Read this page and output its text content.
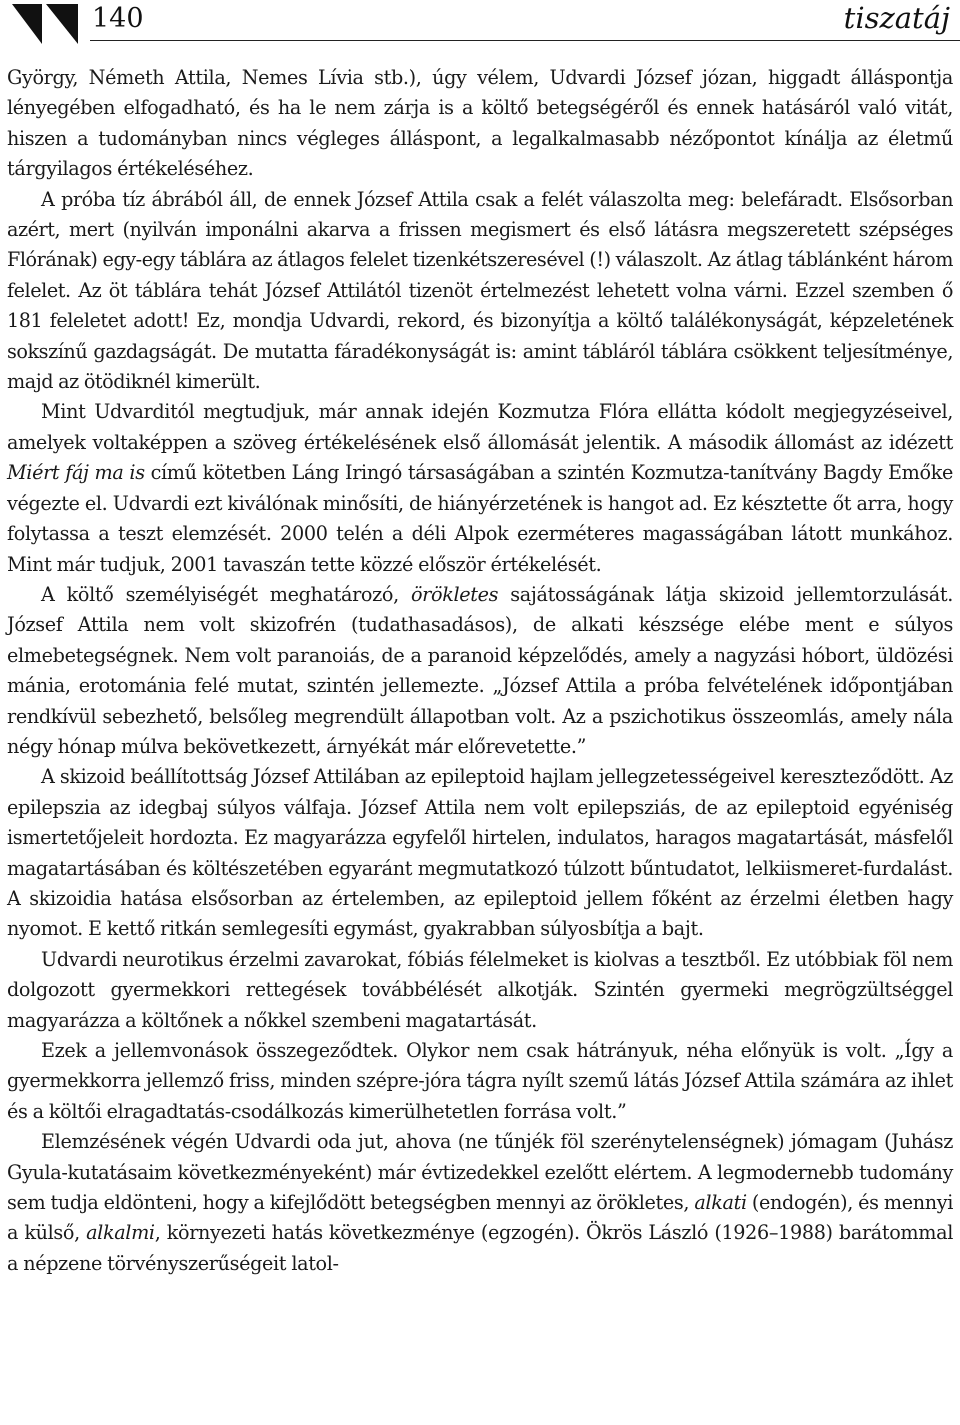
140	tiszatáj

György, Németh Attila, Nemes Lívia stb.), úgy vélem, Udvardi József józan, higgadt álláspontja lényegében elfogadható, és ha le nem zárja is a költő betegségéről és ennek hatásáról való vitát, hiszen a tudományban nincs végleges álláspont, a legalkalmasabb nézőpontot kínálja az életmű tárgyilagos értékeléséhez.

A próba tíz ábrából áll, de ennek József Attila csak a felét válaszolta meg: belefáradt. Elsősorban azért, mert (nyilván imponálni akarva a frissen megismert és első látásra megszeretett szépséges Flórának) egy-egy táblára az átlagos felelet tizenkétszeresével (!) válaszolt. Az átlag táblánként három felelet. Az öt táblára tehát József Attilától tizenöt értelmezést lehetett volna várni. Ezzel szemben ő 181 feleletet adott! Ez, mondja Udvardi, rekord, és bizonyítja a költő találékonyságát, képzeletének sokszínű gazdagságát. De mutatta fáradékonyságát is: amint tábláról táblára csökkent teljesítménye, majd az ötödiknél kimerült.

Mint Udvarditól megtudjuk, már annak idején Kozmutza Flóra ellátta kódolt megjegyzéseivel, amelyek voltaképpen a szöveg értékelésének első állomását jelentik. A második állomást az idézett Miért fáj ma is című kötetben Láng Iringó társaságában a szintén Kozmutza-tanítvány Bagdy Emőke végezte el. Udvardi ezt kiválónak minősíti, de hiányérzetének is hangot ad. Ez késztette őt arra, hogy folytassa a teszt elemzését. 2000 telén a déli Alpok ezerméteres magasságában látott munkához. Mint már tudjuk, 2001 tavaszán tette közzé először értékelését.

A költő személyiségét meghatározó, örökletes sajátosságának látja skizoid jellemtorzulását. József Attila nem volt skizofrén (tudathasadásos), de alkati készsége elébe ment e súlyos elmebetegségnek. Nem volt paranoiás, de a paranoid képzelődés, amely a nagyzási hóbort, üldözési mánia, erotománia felé mutat, szintén jellemezte. „József Attila a próba felvételének időpontjában rendkívül sebezhető, belsőleg megrendült állapotban volt. Az a pszichotikus összeomlás, amely nála négy hónap múlva bekövetkezett, árnyékát már előrevetette.”

A skizoid beállítottság József Attilában az epileptoid hajlam jellegzetességeivel kereszteződött. Az epilepszia az idegbaj súlyos válfaja. József Attila nem volt epilepsziás, de az epileptoid egyéniség ismertetőjeleit hordozta. Ez magyarázza egyfelől hirtelen, indulatos, haragos magatartását, másfelől magatartásában és költészetében egyaránt megmutatkozó túlzott bűntudatot, lelkiismeret-furdalást. A skizoidia hatása elsősorban az értelemben, az epileptoid jellem főként az érzelmi életben hagy nyomot. E kettő ritkán semlegesíti egymást, gyakrabban súlyosbítja a bajt.

Udvardi neurotikus érzelmi zavarokat, fóbiás félelmeket is kiolvas a tesztből. Ez utóbbiak föl nem dolgozott gyermekkori rettegések továbbélését alkotják. Szintén gyermeki megrögzültséggel magyarázza a költőnek a nőkkel szembeni magatartását.

Ezek a jellemvonások összegeződtek. Olykor nem csak hátrányuk, néha előnyük is volt. „Így a gyermekkorra jellemző friss, minden szépre-jóra tágra nyílt szemű látás József Attila számára az ihlet és a költői elragadtatás-csodálkozás kimerülhetetlen forrása volt.”

Elemzésének végén Udvardi oda jut, ahova (ne tűnjék föl szerénytelenségnek) jómagam (Juhász Gyula-kutatásaim következményeként) már évtizedekkel ezelőtt elértem. A legmodernebb tudomány sem tudja eldönteni, hogy a kifejlődött betegségben mennyi az örökletes, alkati (endogén), és mennyi a külső, alkalmi, környezeti hatás következménye (egzogén). Ökrös László (1926–1988) barátommal a népzene törvényszerűségeit latol-
